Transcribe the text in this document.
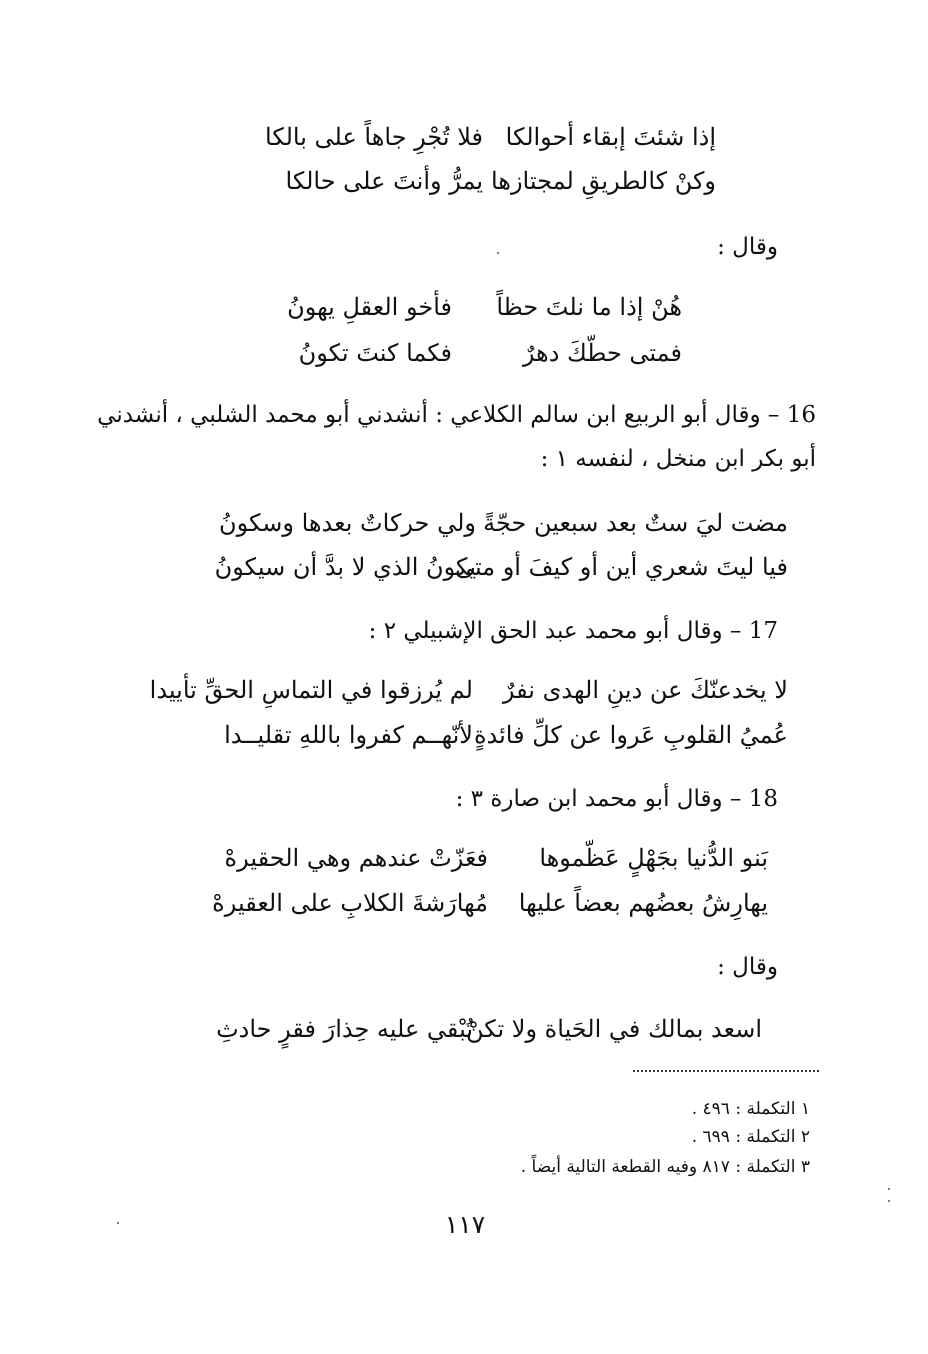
إذا شئتَ إبقاء أحوالكا
فلا تُجْرِ جاهاً على بالكا
وكنْ كالطريقِ لمجتازها
يمرُّ وأنتَ على حالكا
وقال :
هُنْ إذا ما نلتَ حظاً
فأخو العقلِ يهونُ
فمتى حطّكَ دهرٌ
فكما كنتَ تكونُ
16 – وقال أبو الربيع ابن سالم الكلاعي : أنشدني أبو محمد الشلبي ، أنشدني
أبو بكر ابن منخل ، لنفسه ١ :
مضت ليَ ستٌ بعد سبعين حجّةً
ولي حركاتٌ بعدها وسكونُ
فيا ليتَ شعري أين أو كيفَ أو متى
يكونُ الذي لا بدَّ أن سيكونُ
17 – وقال أبو محمد عبد الحق الإشبيلي ٢ :
لا يخدعنّكَ عن دينِ الهدى نفرٌ
لم يُرزقوا في التماسِ الحقِّ تأييدا
عُميُ القلوبِ عَروا عن كلِّ فائدةٍ
لأنّهــم كفروا باللهِ تقليــدا
18 – وقال أبو محمد ابن صارة ٣ :
بَنو الدُّنيا بجَهْلٍ عَظّموها
فعَزّتْ عندهم وهي الحقيرهْ
يهارِشُ بعضُهم بعضاً عليها
مُهارَشةَ الكلابِ على العقيرهْ
وقال :
اسعد بمالك في الحَياة ولا تكنْ
تُبْقي عليه حِذارَ فقرٍ حادثِ
١ التكملة : ٤٩٦ .
٢ التكملة : ٦٩٩ .
٣ التكملة : ٨١٧ وفيه القطعة التالية أيضاً .
١١٧
